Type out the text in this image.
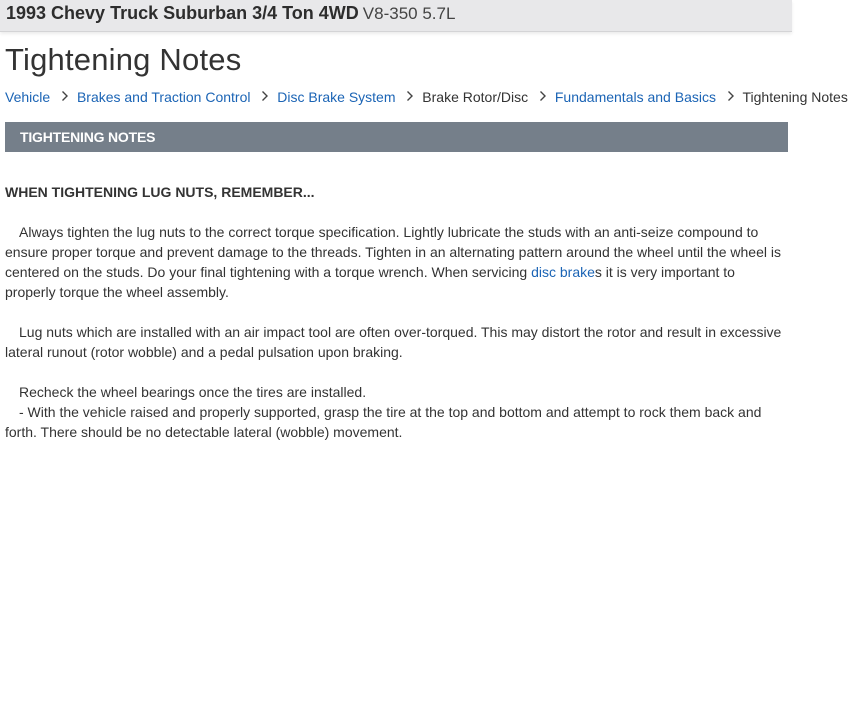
1993 Chevy Truck Suburban 3/4 Ton 4WD V8-350 5.7L
Tightening Notes
Vehicle Brakes and Traction Control Disc Brake System Brake Rotor/Disc Fundamentals and Basics Tightening Notes
TIGHTENING NOTES
WHEN TIGHTENING LUG NUTS, REMEMBER...

Always tighten the lug nuts to the correct torque specification. Lightly lubricate the studs with an anti-seize compound to ensure proper torque and prevent damage to the threads. Tighten in an alternating pattern around the wheel until the wheel is centered on the studs. Do your final tightening with a torque wrench. When servicing disc brakes it is very important to properly torque the wheel assembly.

Lug nuts which are installed with an air impact tool are often over-torqued. This may distort the rotor and result in excessive lateral runout (rotor wobble) and a pedal pulsation upon braking.

Recheck the wheel bearings once the tires are installed.
- With the vehicle raised and properly supported, grasp the tire at the top and bottom and attempt to rock them back and forth. There should be no detectable lateral (wobble) movement.
